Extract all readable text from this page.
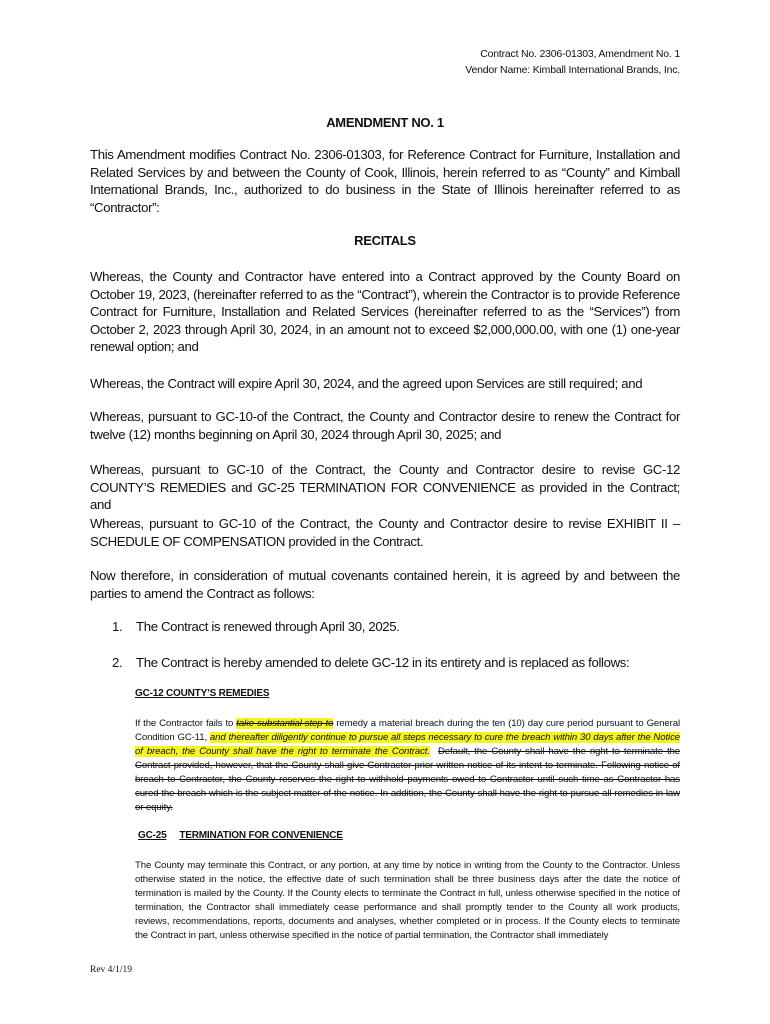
Contract No. 2306-01303, Amendment No. 1
Vendor Name: Kimball International Brands, Inc.
AMENDMENT NO. 1
This Amendment modifies Contract No. 2306-01303, for Reference Contract for Furniture, Installation and Related Services by and between the County of Cook, Illinois, herein referred to as “County” and Kimball International Brands, Inc., authorized to do business in the State of Illinois hereinafter referred to as “Contractor”:
RECITALS
Whereas, the County and Contractor have entered into a Contract approved by the County Board on October 19, 2023, (hereinafter referred to as the “Contract”), wherein the Contractor is to provide Reference Contract for Furniture, Installation and Related Services (hereinafter referred to as the “Services”) from October 2, 2023 through April 30, 2024, in an amount not to exceed $2,000,000.00, with one (1) one-year renewal option; and
Whereas, the Contract will expire April 30, 2024, and the agreed upon Services are still required; and
Whereas, pursuant to GC-10-of the Contract, the County and Contractor desire to renew the Contract for twelve (12) months beginning on April 30, 2024 through April 30, 2025; and
Whereas, pursuant to GC-10 of the Contract, the County and Contractor desire to revise GC-12 COUNTY’S REMEDIES and GC-25 TERMINATION FOR CONVENIENCE as provided in the Contract; and
Whereas, pursuant to GC-10 of the Contract, the County and Contractor desire to revise EXHIBIT II – SCHEDULE OF COMPENSATION provided in the Contract.
Now therefore, in consideration of mutual covenants contained herein, it is agreed by and between the parties to amend the Contract as follows:
1. The Contract is renewed through April 30, 2025.
2. The Contract is hereby amended to delete GC-12 in its entirety and is replaced as follows:
GC-12 COUNTY’S REMEDIES
If the Contractor fails to take substantial step to remedy a material breach during the ten (10) day cure period pursuant to General Condition GC-11, and thereafter diligently continue to pursue all steps necessary to cure the breach within 30 days after the Notice of breach, the County shall have the right to terminate the Contract. Default, the County shall have the right to terminate the Contract provided, however, that the County shall give Contractor prior written notice of its intent to terminate. Following notice of breach to Contractor, the County reserves the right to withhold payments owed to Contractor until such time as Contractor has cured the breach which is the subject matter of the notice. In addition, the County shall have the right to pursue all remedies in law or equity.
GC-25 TERMINATION FOR CONVENIENCE
The County may terminate this Contract, or any portion, at any time by notice in writing from the County to the Contractor. Unless otherwise stated in the notice, the effective date of such termination shall be three business days after the date the notice of termination is mailed by the County. If the County elects to terminate the Contract in full, unless otherwise specified in the notice of termination, the Contractor shall immediately cease performance and shall promptly tender to the County all work products, reviews, recommendations, reports, documents and analyses, whether completed or in process. If the County elects to terminate the Contract in part, unless otherwise specified in the notice of partial termination, the Contractor shall immediately
Rev 4/1/19
